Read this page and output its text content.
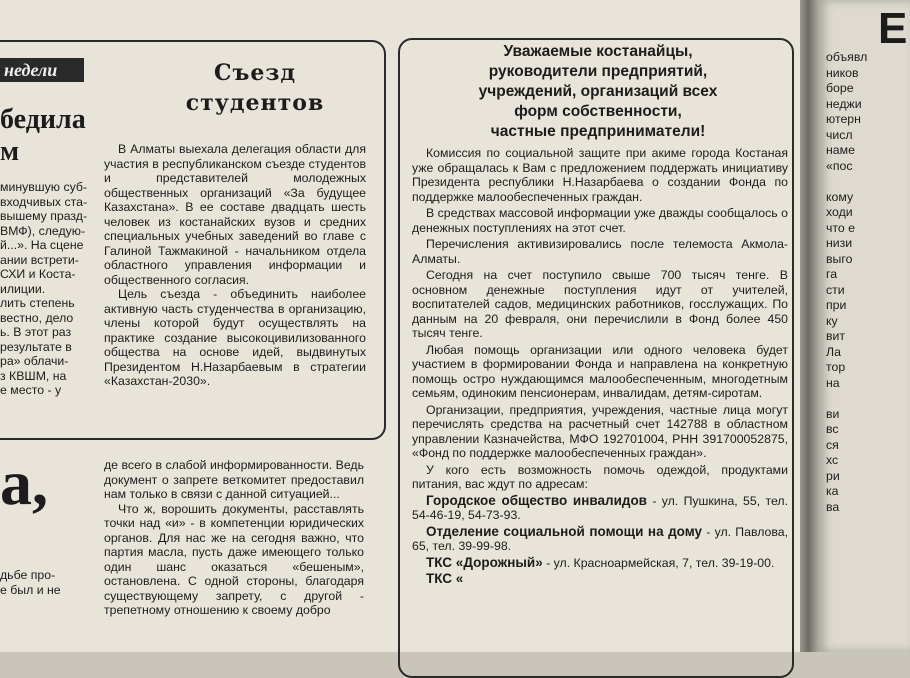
недели
бедила
м

минувшую суб-

входчивых ста-

вышему празд-

ВМФ), следую-

й...». На сцене

ании встрети-

СХИ и Коста-

илиции.

лить степень

вестно, дело

ь. В этот раз

результате в

ра» облачи-

з КВШМ, на

е место - у

Съезд студентов

В Алматы выехала делегация области для участия в республиканском съезде студентов и представителей молодежных общественных организаций «За будущее Казахстана». В ее составе двадцать шесть человек из костанайских вузов и средних специальных учебных заведений во главе с Галиной Тажмакиной - начальником отдела областного управления информации и общественного согласия.

Цель съезда - объединить наиболее активную часть студенчества в организацию, члены которой будут осуществлять на практике создание высокоцивилизованного общества на основе идей, выдвинутых Президентом Н.Назарбаевым в стратегии «Казахстан-2030».

а,

дьбе про-

е был и не

де всего в слабой информированности. Ведь документ о запрете веткомитет предоставил нам только в связи с данной ситуацией...

Что ж, ворошить документы, расставлять точки над «и» - в компетенции юридических органов. Для нас же на сегодня важно, что партия масла, пусть даже имеющего только один шанс оказаться «бешеным», остановлена. С одной стороны, благодаря существующему запрету, с другой - трепетному отношению к своему добро

Уважаемые костанайцы,
руководители предприятий,
учреждений, организаций всех
форм собственности,
частные предприниматели!

Комиссия по социальной защите при акиме города Костаная уже обращалась к Вам с предложением поддержать инициативу Президента республики Н.Назарбаева о создании Фонда по поддержке малообеспеченных граждан.

В средствах массовой информации уже дважды сообщалось о денежных поступлениях на этот счет.

Перечисления активизировались после телемоста Акмола-Алматы.

Сегодня на счет поступило свыше 700 тысяч тенге. В основном денежные поступления идут от учителей, воспитателей садов, медицинских работников, госслужащих. По данным на 20 февраля, они перечислили в Фонд более 450 тысяч тенге.

Любая помощь организации или одного человека будет участием в формировании Фонда и направлена на конкретную помощь остро нуждающимся малообеспеченным, многодетным семьям, одиноким пенсионерам, инвалидам, детям-сиротам.

Организации, предприятия, учреждения, частные лица могут перечислять средства на расчетный счет 142788 в областном управлении Казначейства, МФО 192701004, РНН 391700052875, «Фонд по поддержке малообеспеченных граждан».

У кого есть возможность помочь одеждой, продуктами питания, вас ждут по адресам:

Городское общество инвалидов - ул. Пушкина, 55, тел. 54-46-19, 54-73-93.

Отделение социальной помощи на дому - ул. Павлова, 65, тел. 39-99-98.

ТКС «Дорожный» - ул. Красноармейская, 7, тел. 39-19-00.

ТКС «

Е

объявл

ников

боре

неджи

ютерн

числ

наме

«пос

кому

ходи

что е

низи

выго

га

сти

при

ку

вит

Ла

тор

на

ви

вс

ся

хс

ри

ка

ва
